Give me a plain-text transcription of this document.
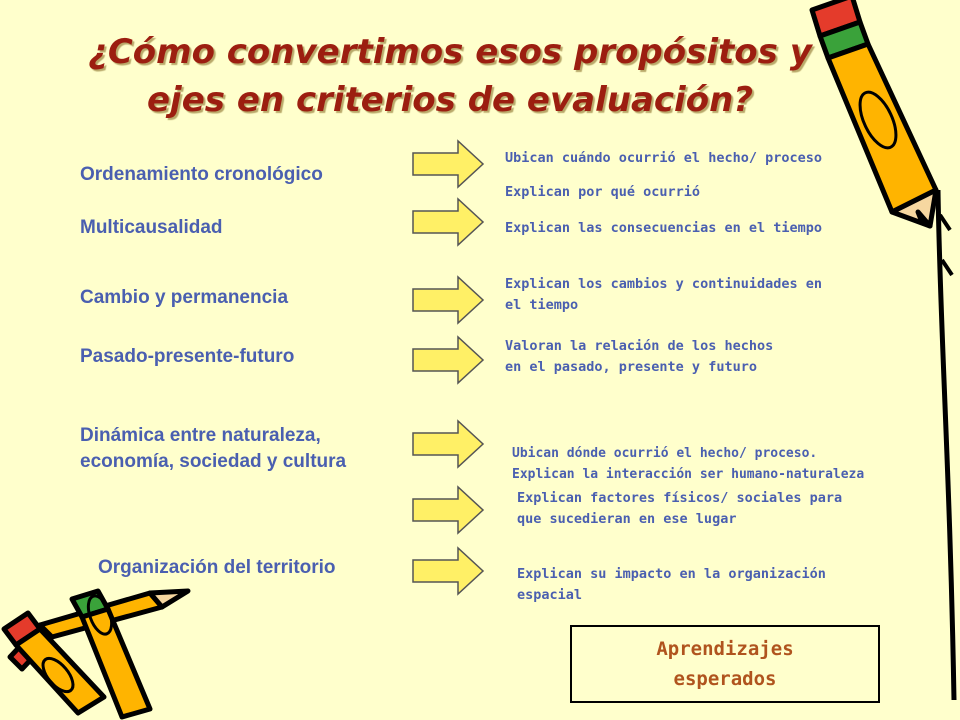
¿Cómo convertimos esos propósitos y
ejes en criterios de evaluación?
Ordenamiento cronológico
Multicausalidad
Cambio y permanencia
Pasado-presente-futuro
Dinámica entre naturaleza,
economía, sociedad y cultura
Organización del territorio
Ubican cuándo ocurrió el hecho/ proceso
Explican por qué ocurrió
Explican las consecuencias en el tiempo
Explican los cambios y continuidades en
el tiempo
Valoran la relación de los hechos
en el pasado, presente y futuro
Ubican dónde ocurrió el hecho/ proceso.
Explican la interacción ser humano-naturaleza
Explican factores físicos/ sociales para
que sucedieran en ese lugar
Explican su impacto en la organización
espacial
Aprendizajes
esperados
